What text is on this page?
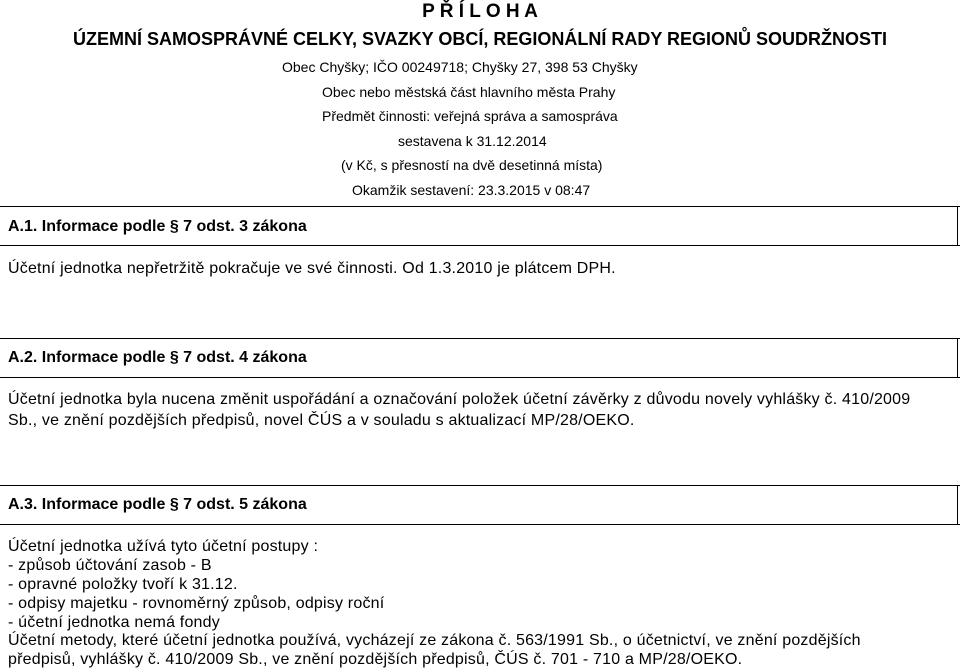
P Ř Í L O H A
ÚZEMNÍ SAMOSPRÁVNÉ CELKY, SVAZKY OBCÍ, REGIONÁLNÍ RADY REGIONŮ SOUDRŽNOSTI
Obec Chyšky; IČO 00249718; Chyšky 27, 398 53 Chyšky
Obec nebo městská část hlavního města Prahy
Předmět činnosti: veřejná správa a samospráva
sestavena k 31.12.2014
(v Kč, s přesností na dvě desetinná místa)
Okamžik sestavení: 23.3.2015 v 08:47
A.1. Informace podle § 7 odst. 3 zákona
Účetní jednotka nepřetržitě pokračuje ve své činnosti. Od 1.3.2010 je plátcem DPH.
A.2. Informace podle § 7 odst. 4 zákona
Účetní jednotka byla nucena změnit uspořádání a označování položek účetní závěrky z důvodu novely vyhlášky č. 410/2009
Sb., ve znění pozdějších předpisů, novel ČÚS a v souladu s aktualizací MP/28/OEKO.
A.3. Informace podle § 7 odst. 5 zákona
Účetní jednotka užívá tyto účetní postupy :
- způsob účtování zasob - B
- opravné položky tvoří k 31.12.
- odpisy majetku - rovnoměrný způsob, odpisy roční
- účetní jednotka nemá fondy
Účetní metody, které účetní jednotka používá, vycházejí ze zákona č. 563/1991 Sb., o účetnictví, ve znění pozdějších
předpisů, vyhlášky č. 410/2009 Sb., ve znění pozdějších předpisů, ČÚS č. 701 - 710 a MP/28/OEKO.
